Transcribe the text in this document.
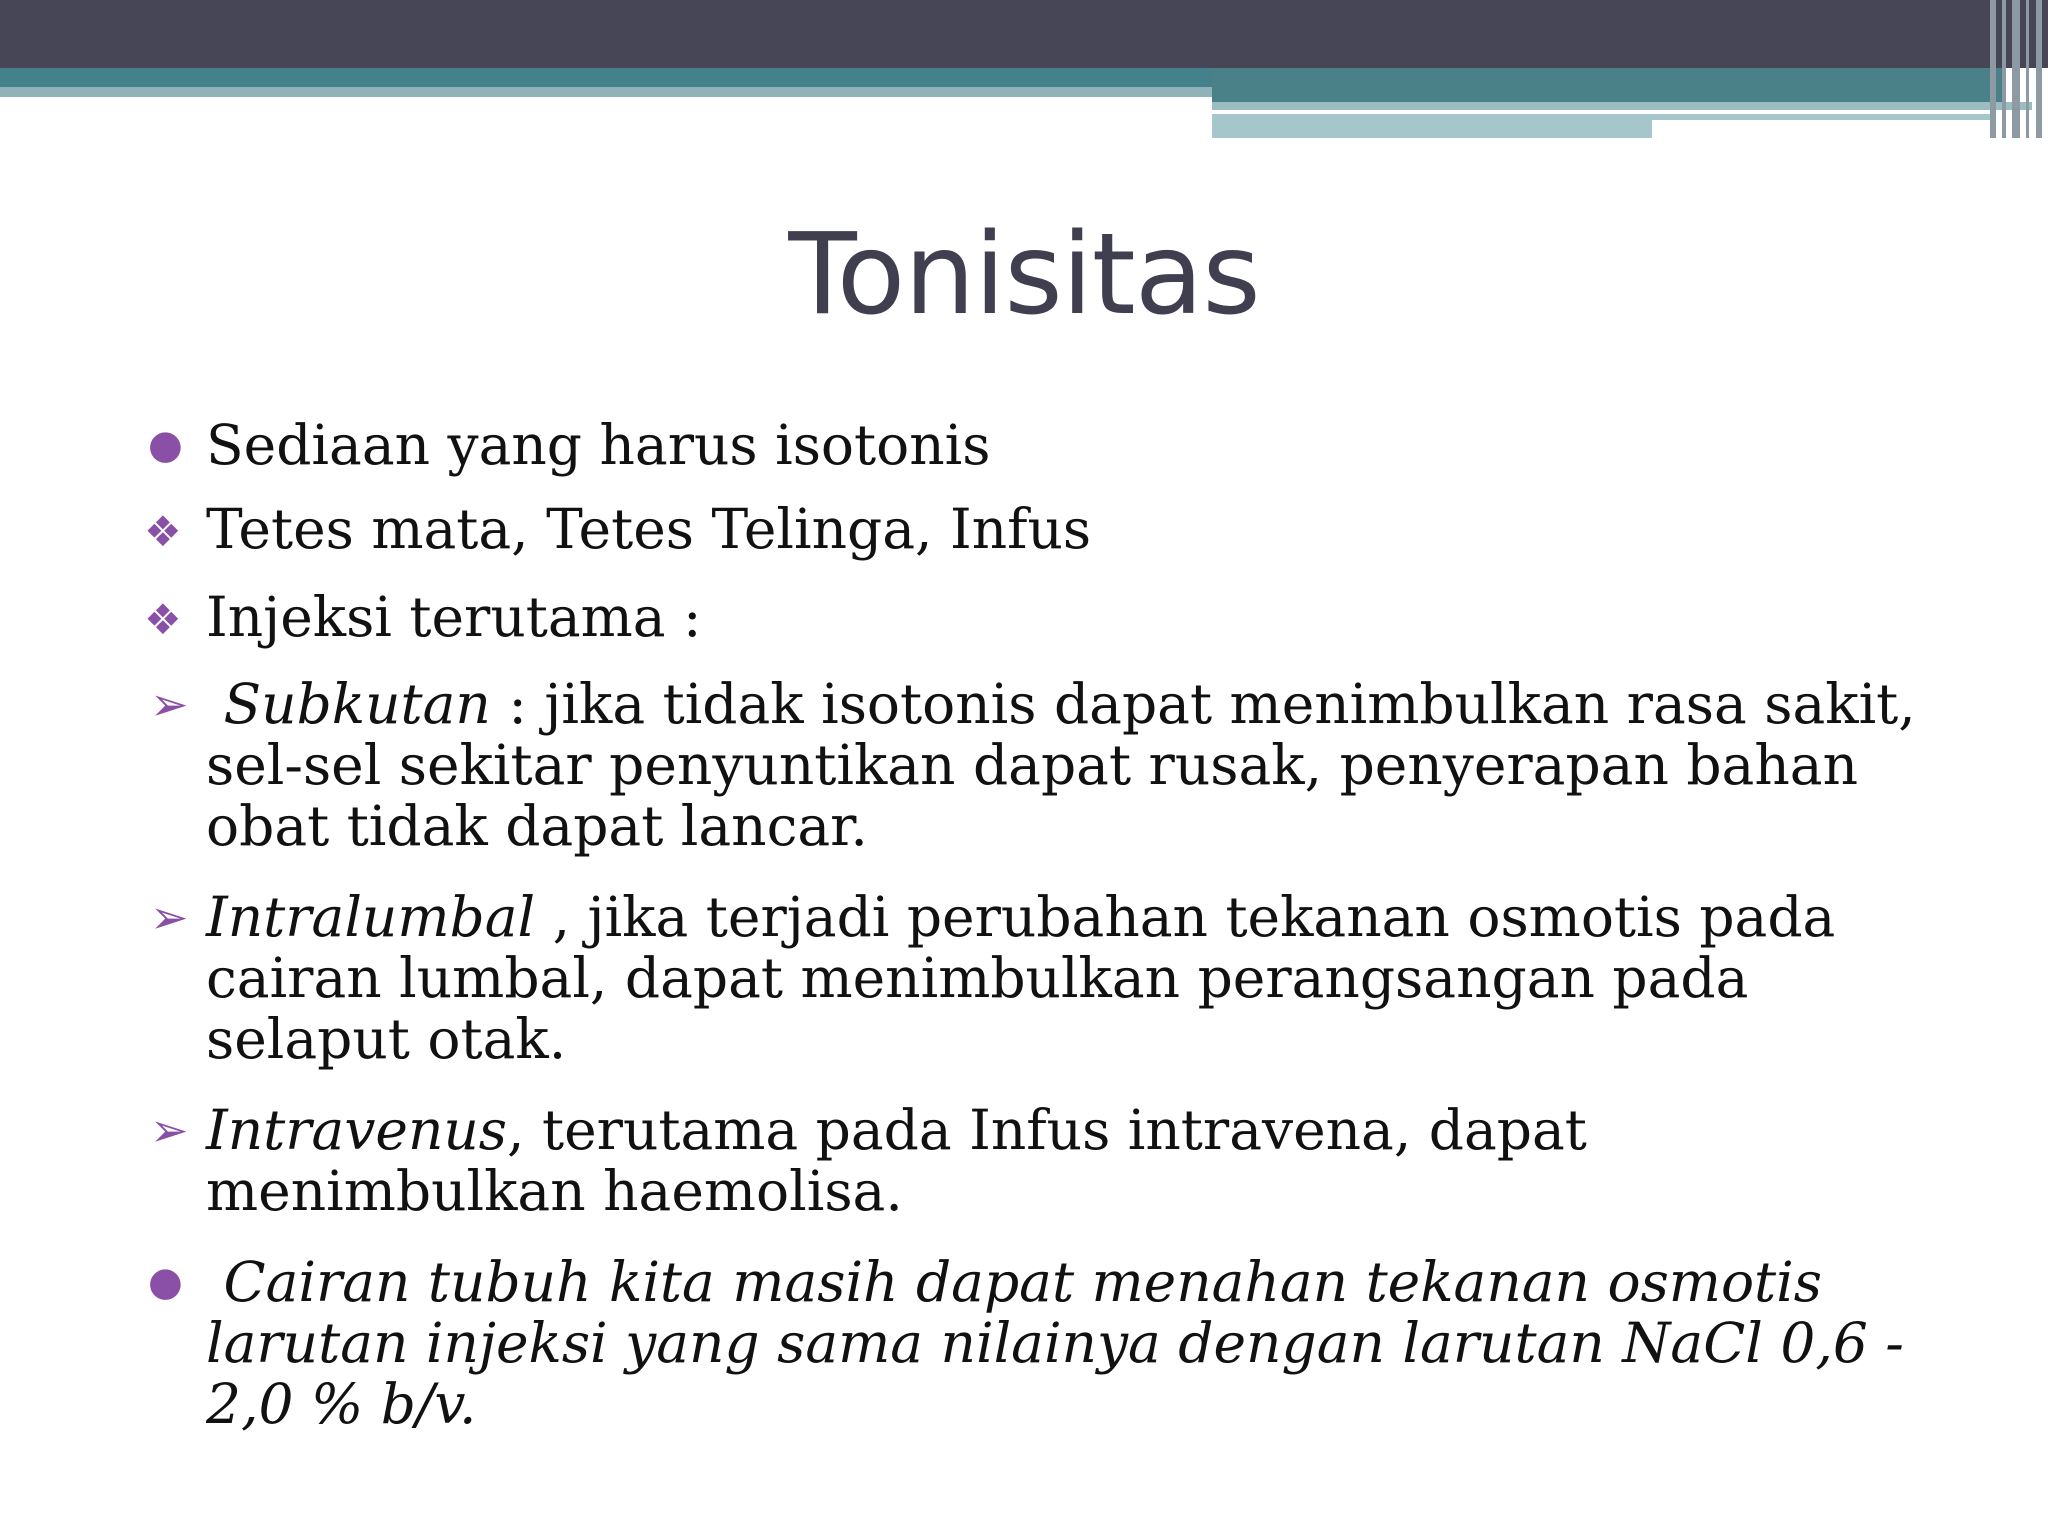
Tonisitas
● Sediaan yang harus isotonis
❖ Tetes mata, Tetes Telinga, Infus
❖ Injeksi terutama :
➢ Subkutan : jika tidak isotonis dapat menimbulkan rasa sakit, sel-sel sekitar penyuntikan dapat rusak, penyerapan bahan obat tidak dapat lancar.
➢ Intralumbal , jika terjadi perubahan tekanan osmotis pada cairan lumbal, dapat menimbulkan perangsangan pada selaput otak.
➢ Intravenus, terutama pada Infus intravena, dapat menimbulkan haemolisa.
● Cairan tubuh kita masih dapat menahan tekanan osmotis larutan injeksi yang sama nilainya dengan larutan NaCl 0,6 - 2,0 % b/v.
